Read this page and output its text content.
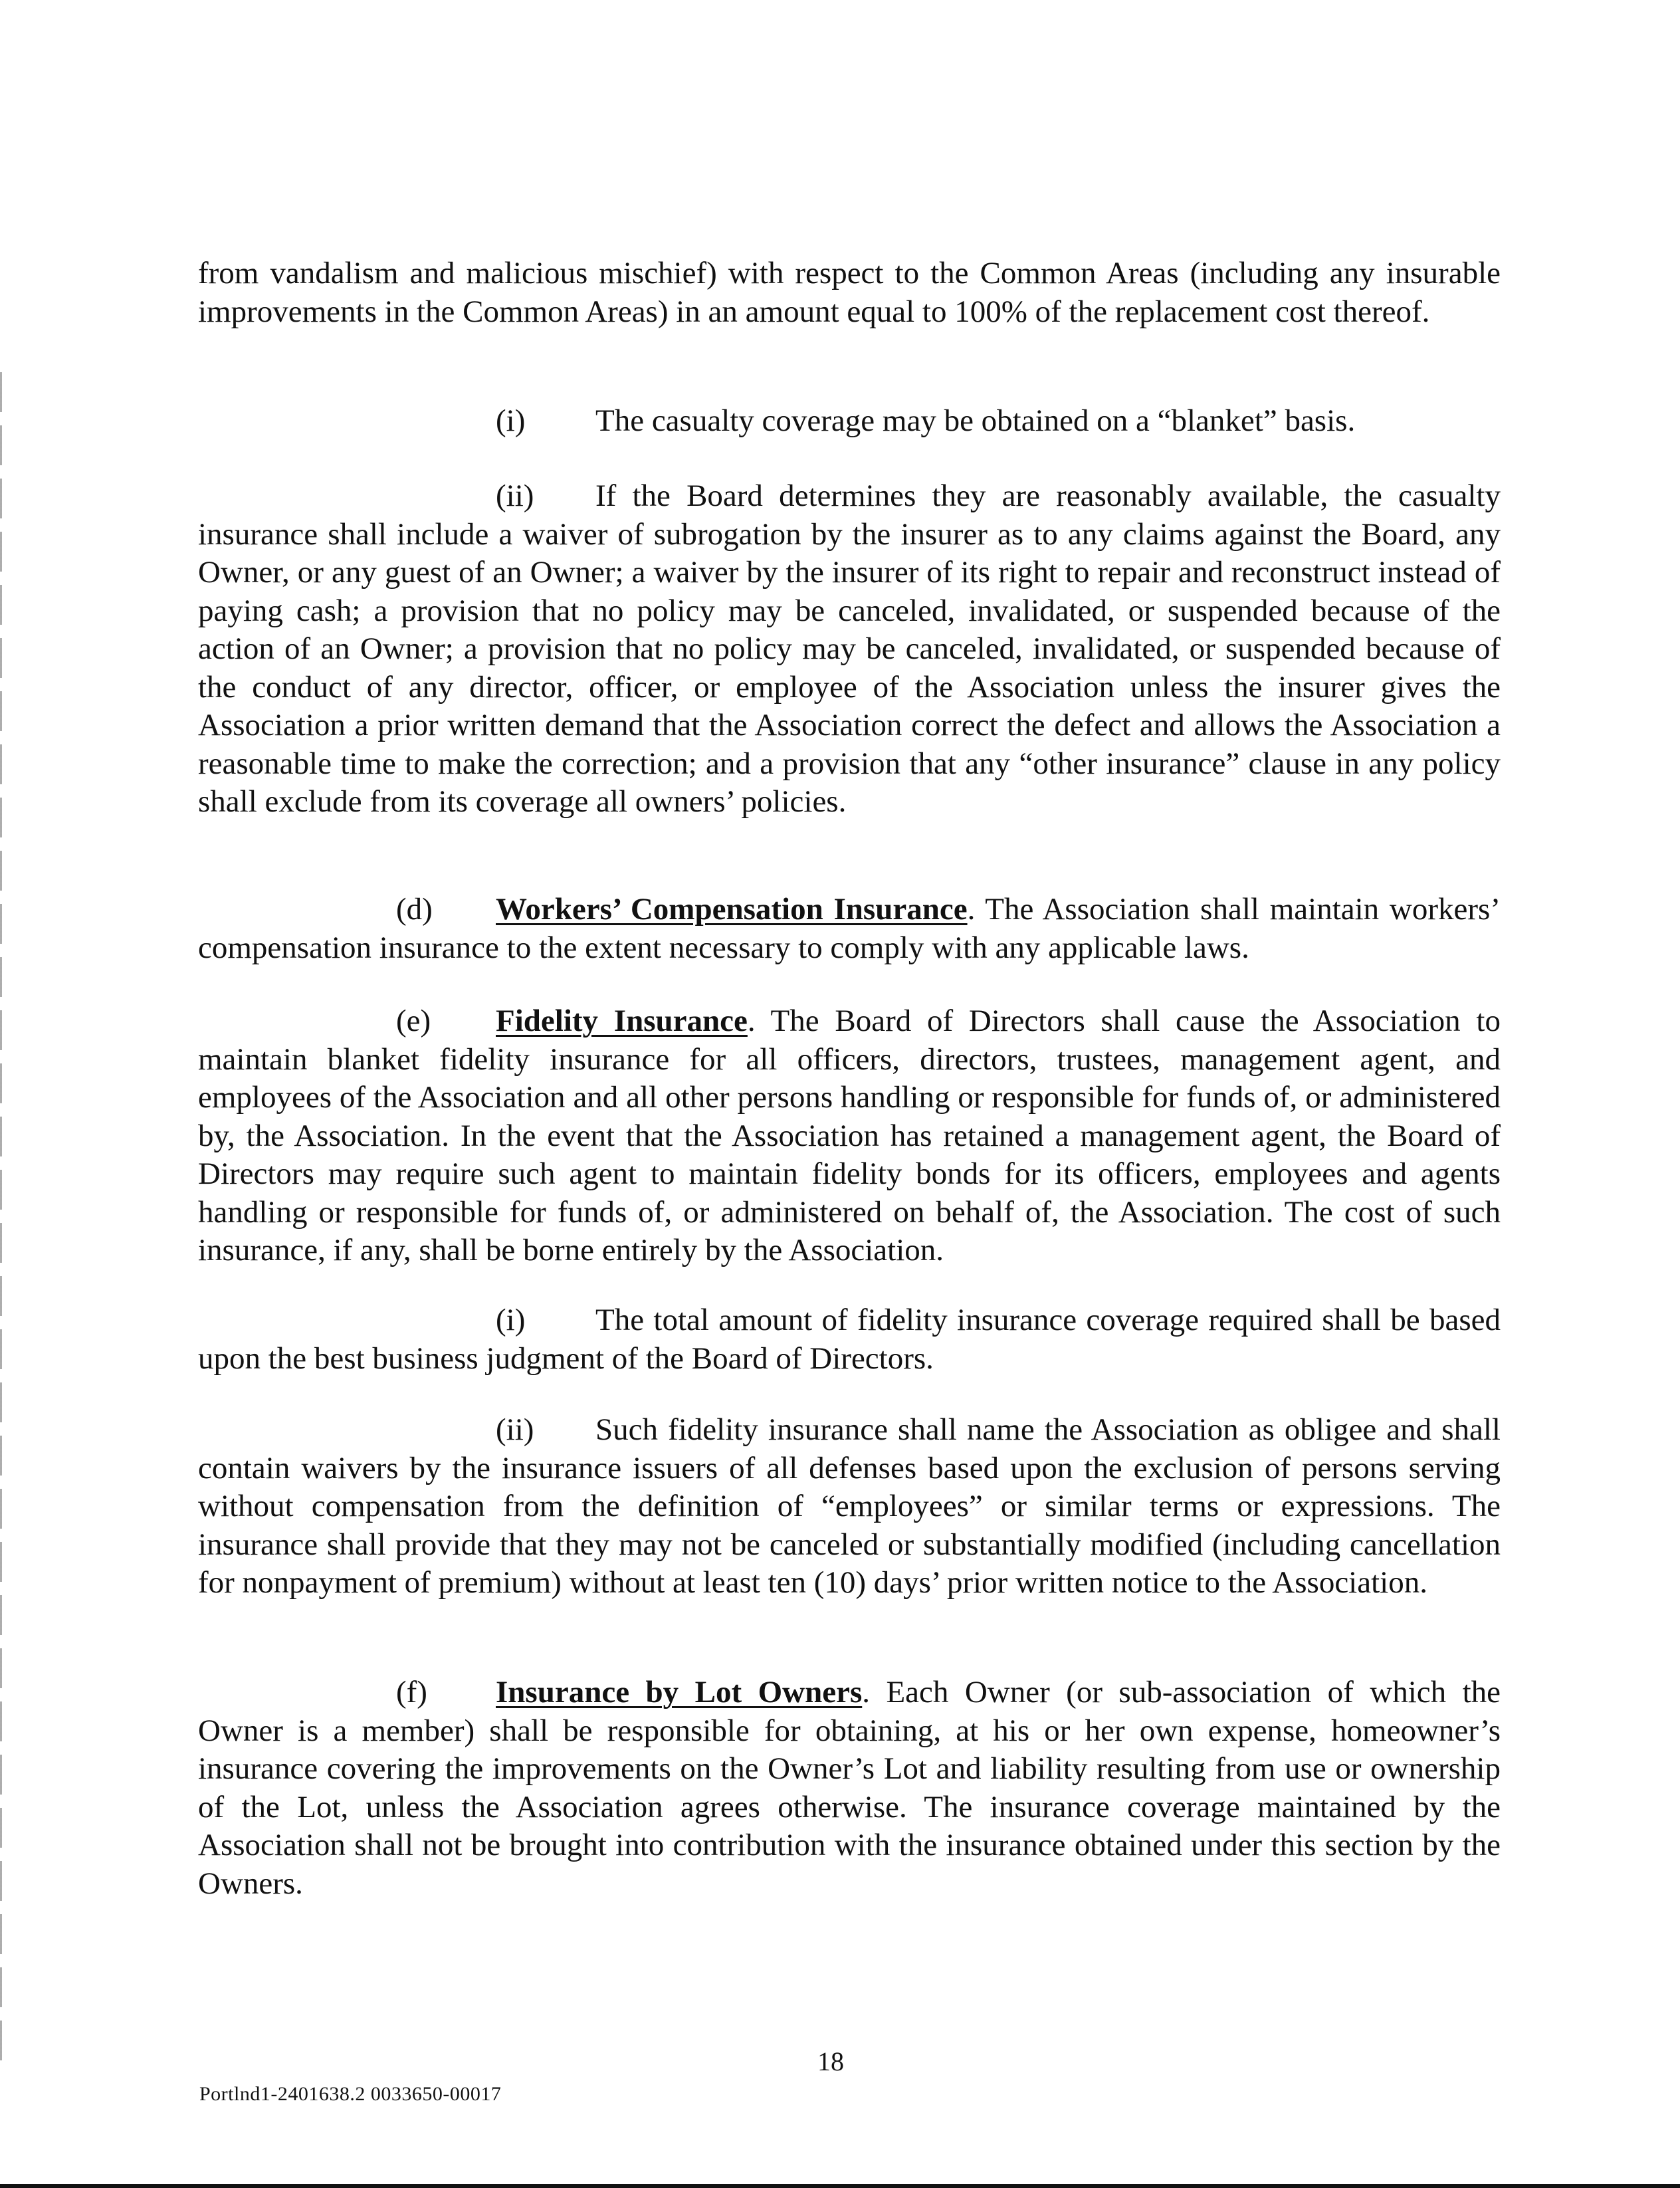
from vandalism and malicious mischief) with respect to the Common Areas (including any insurable improvements in the Common Areas) in an amount equal to 100% of the replacement cost thereof.

(i) The casualty coverage may be obtained on a “blanket” basis.

(ii) If the Board determines they are reasonably available, the casualty insurance shall include a waiver of subrogation by the insurer as to any claims against the Board, any Owner, or any guest of an Owner; a waiver by the insurer of its right to repair and reconstruct instead of paying cash; a provision that no policy may be canceled, invalidated, or suspended because of the action of an Owner; a provision that no policy may be canceled, invalidated, or suspended because of the conduct of any director, officer, or employee of the Association unless the insurer gives the Association a prior written demand that the Association correct the defect and allows the Association a reasonable time to make the correction; and a provision that any “other insurance” clause in any policy shall exclude from its coverage all owners’ policies.

(d) Workers’ Compensation Insurance. The Association shall maintain workers’ compensation insurance to the extent necessary to comply with any applicable laws.

(e) Fidelity Insurance. The Board of Directors shall cause the Association to maintain blanket fidelity insurance for all officers, directors, trustees, management agent, and employees of the Association and all other persons handling or responsible for funds of, or administered by, the Association. In the event that the Association has retained a management agent, the Board of Directors may require such agent to maintain fidelity bonds for its officers, employees and agents handling or responsible for funds of, or administered on behalf of, the Association. The cost of such insurance, if any, shall be borne entirely by the Association.

(i) The total amount of fidelity insurance coverage required shall be based upon the best business judgment of the Board of Directors.

(ii) Such fidelity insurance shall name the Association as obligee and shall contain waivers by the insurance issuers of all defenses based upon the exclusion of persons serving without compensation from the definition of “employees” or similar terms or expressions. The insurance shall provide that they may not be canceled or substantially modified (including cancellation for nonpayment of premium) without at least ten (10) days’ prior written notice to the Association.

(f) Insurance by Lot Owners. Each Owner (or sub-association of which the Owner is a member) shall be responsible for obtaining, at his or her own expense, homeowner’s insurance covering the improvements on the Owner’s Lot and liability resulting from use or ownership of the Lot, unless the Association agrees otherwise. The insurance coverage maintained by the Association shall not be brought into contribution with the insurance obtained under this section by the Owners.

18
Portlnd1-2401638.2 0033650-00017
